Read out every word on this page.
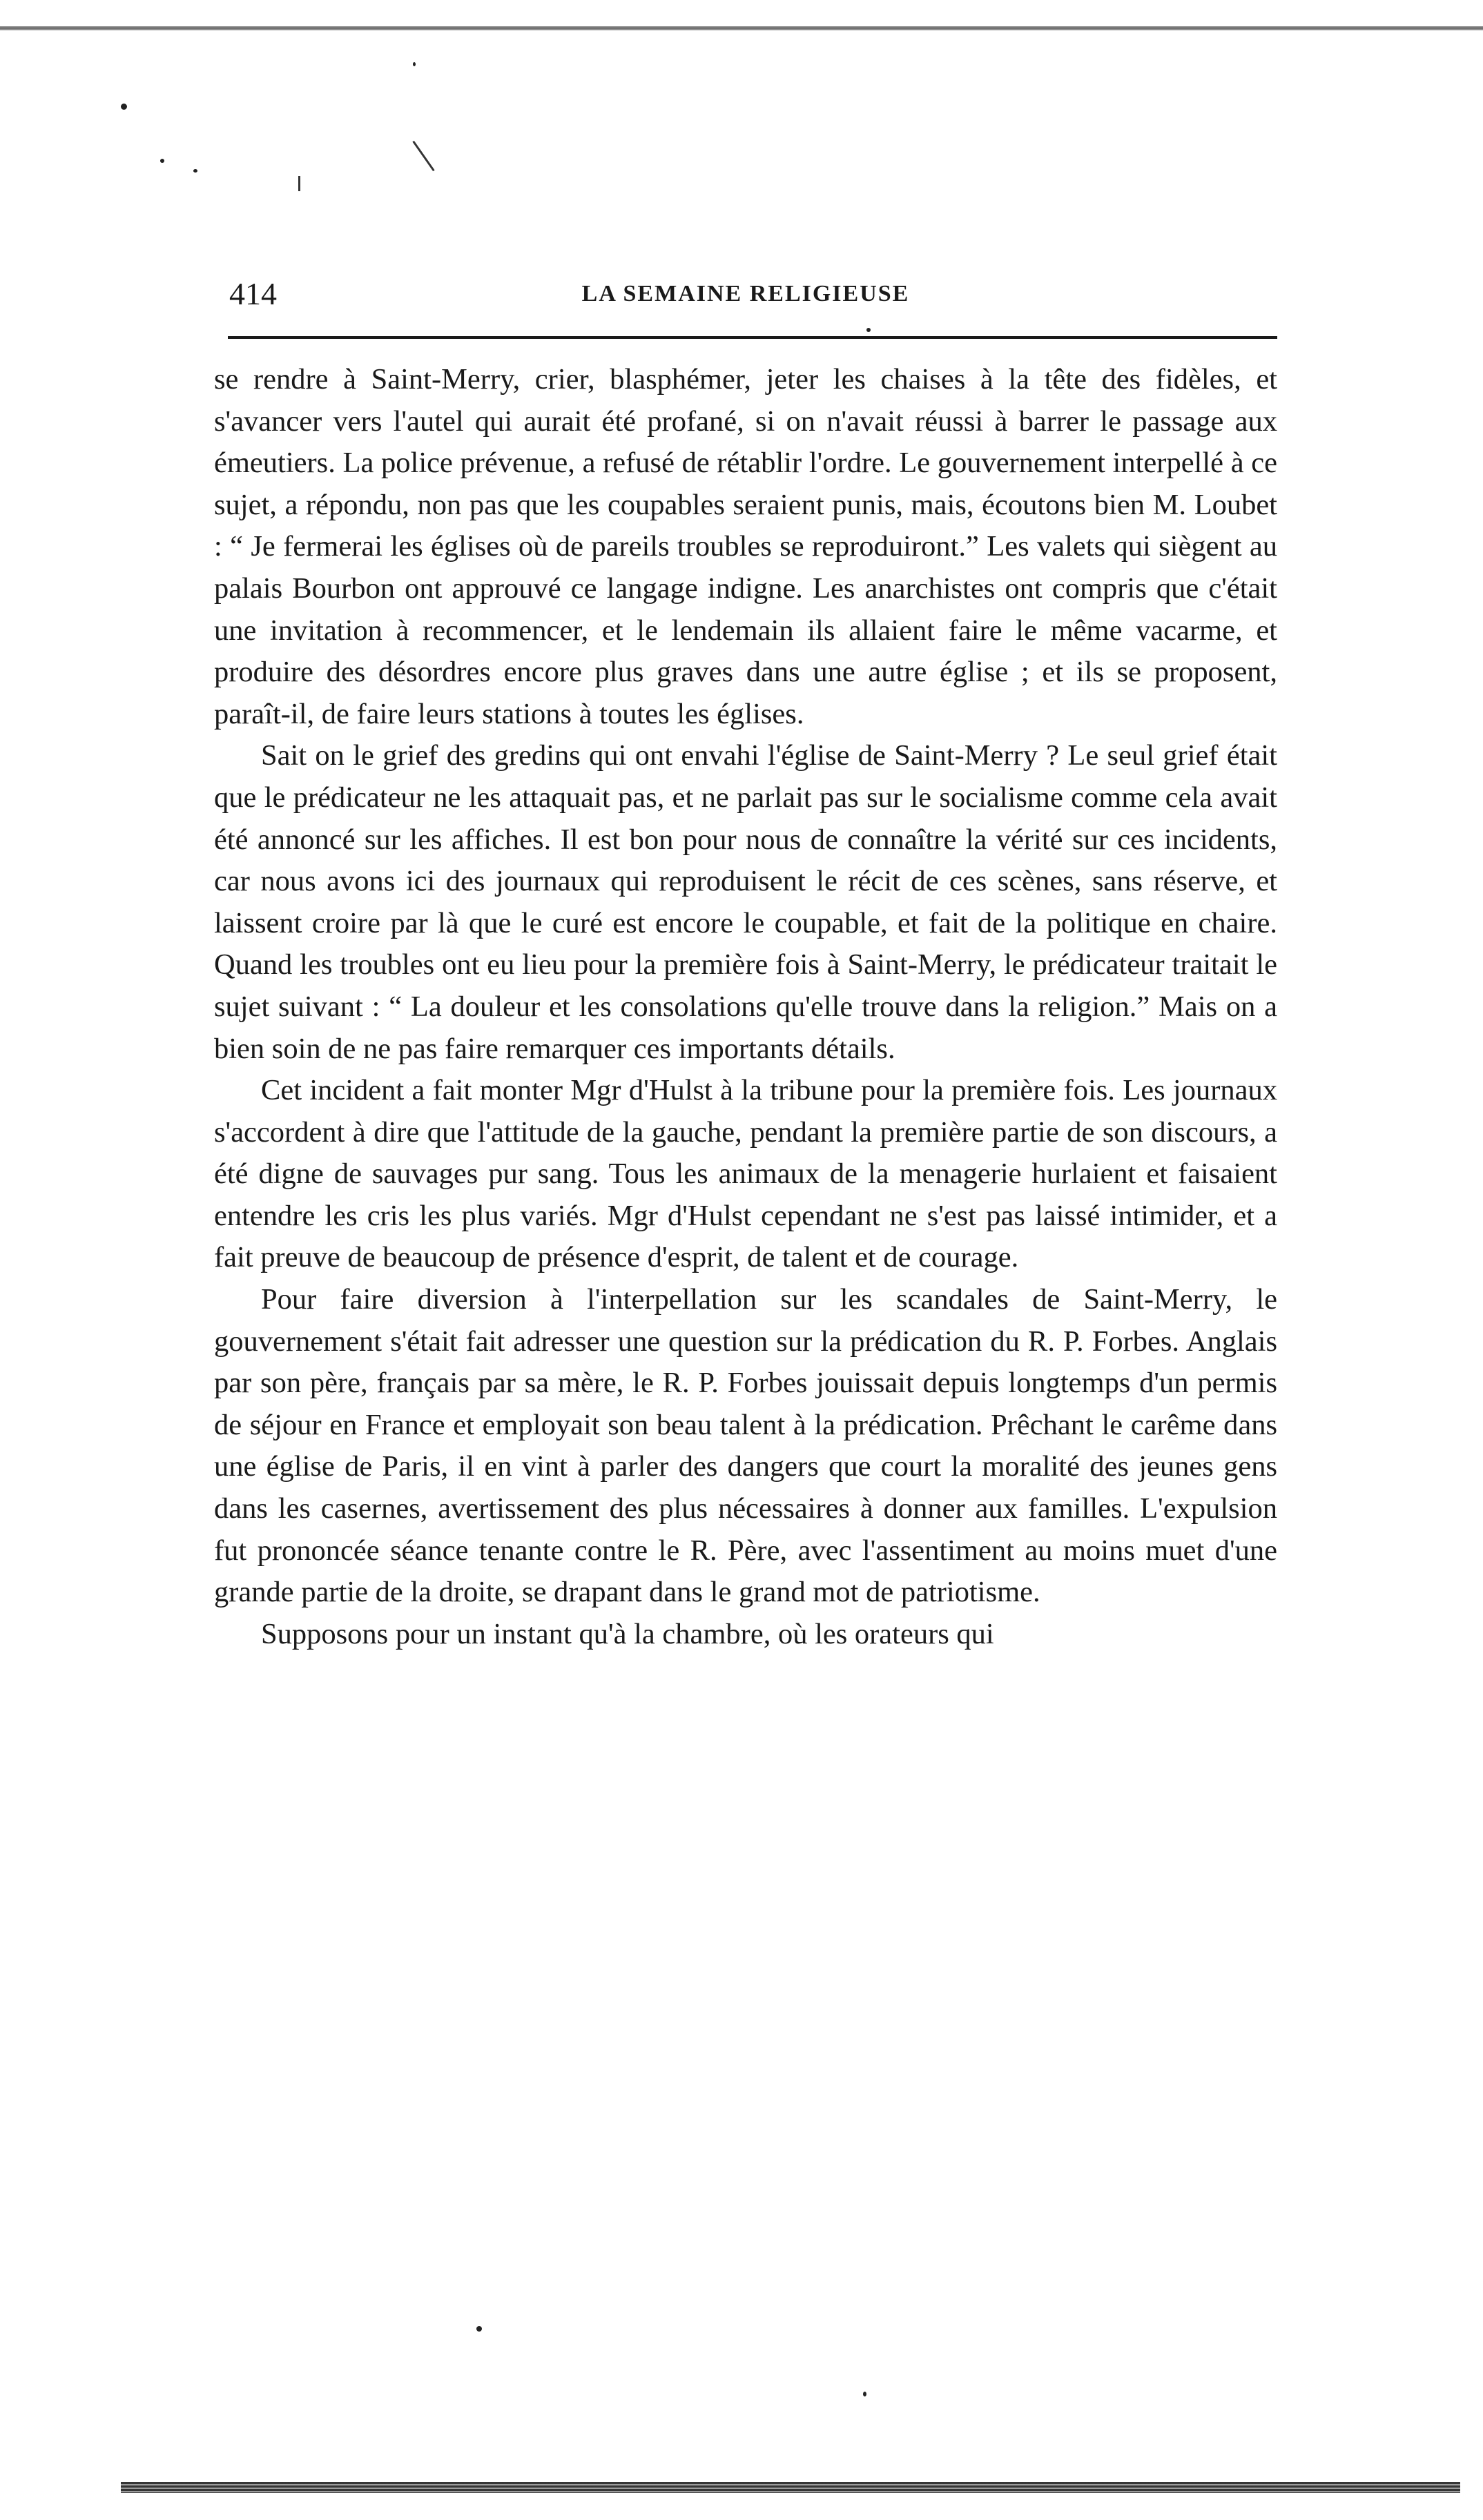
414	LA SEMAINE RELIGIEUSE

se rendre à Saint-Merry, crier, blasphémer, jeter les chaises à la tête des fidèles, et s'avancer vers l'autel qui aurait été profané, si on n'avait réussi à barrer le passage aux émeutiers. La police prévenue, a refusé de rétablir l'ordre. Le gouvernement interpellé à ce sujet, a répondu, non pas que les coupables seraient punis, mais, écoutons bien M. Loubet : “ Je fermerai les églises où de pareils troubles se reproduiront.” Les valets qui siègent au palais Bourbon ont approuvé ce langage indigne. Les anarchistes ont compris que c'était une invitation à recommencer, et le lendemain ils allaient faire le même vacarme, et produire des désordres encore plus graves dans une autre église ; et ils se proposent, paraît-il, de faire leurs stations à toutes les églises.

Sait on le grief des gredins qui ont envahi l'église de Saint-Merry ? Le seul grief était que le prédicateur ne les attaquait pas, et ne parlait pas sur le socialisme comme cela avait été annoncé sur les affiches. Il est bon pour nous de connaître la vérité sur ces incidents, car nous avons ici des journaux qui reproduisent le récit de ces scènes, sans réserve, et laissent croire par là que le curé est encore le coupable, et fait de la politique en chaire. Quand les troubles ont eu lieu pour la première fois à Saint-Merry, le prédicateur traitait le sujet suivant : “ La douleur et les consolations qu'elle trouve dans la religion.” Mais on a bien soin de ne pas faire remarquer ces importants détails.

Cet incident a fait monter Mgr d'Hulst à la tribune pour la première fois. Les journaux s'accordent à dire que l'attitude de la gauche, pendant la première partie de son discours, a été digne de sauvages pur sang. Tous les animaux de la menagerie hurlaient et faisaient entendre les cris les plus variés. Mgr d'Hulst cependant ne s'est pas laissé intimider, et a fait preuve de beaucoup de présence d'esprit, de talent et de courage.

Pour faire diversion à l'interpellation sur les scandales de Saint-Merry, le gouvernement s'était fait adresser une question sur la prédication du R. P. Forbes. Anglais par son père, français par sa mère, le R. P. Forbes jouissait depuis longtemps d'un permis de séjour en France et employait son beau talent à la prédication. Prêchant le carême dans une église de Paris, il en vint à parler des dangers que court la moralité des jeunes gens dans les casernes, avertissement des plus nécessaires à donner aux familles. L'expulsion fut prononcée séance tenante contre le R. Père, avec l'assentiment au moins muet d'une grande partie de la droite, se drapant dans le grand mot de patriotisme.

Supposons pour un instant qu'à la chambre, où les orateurs qui
